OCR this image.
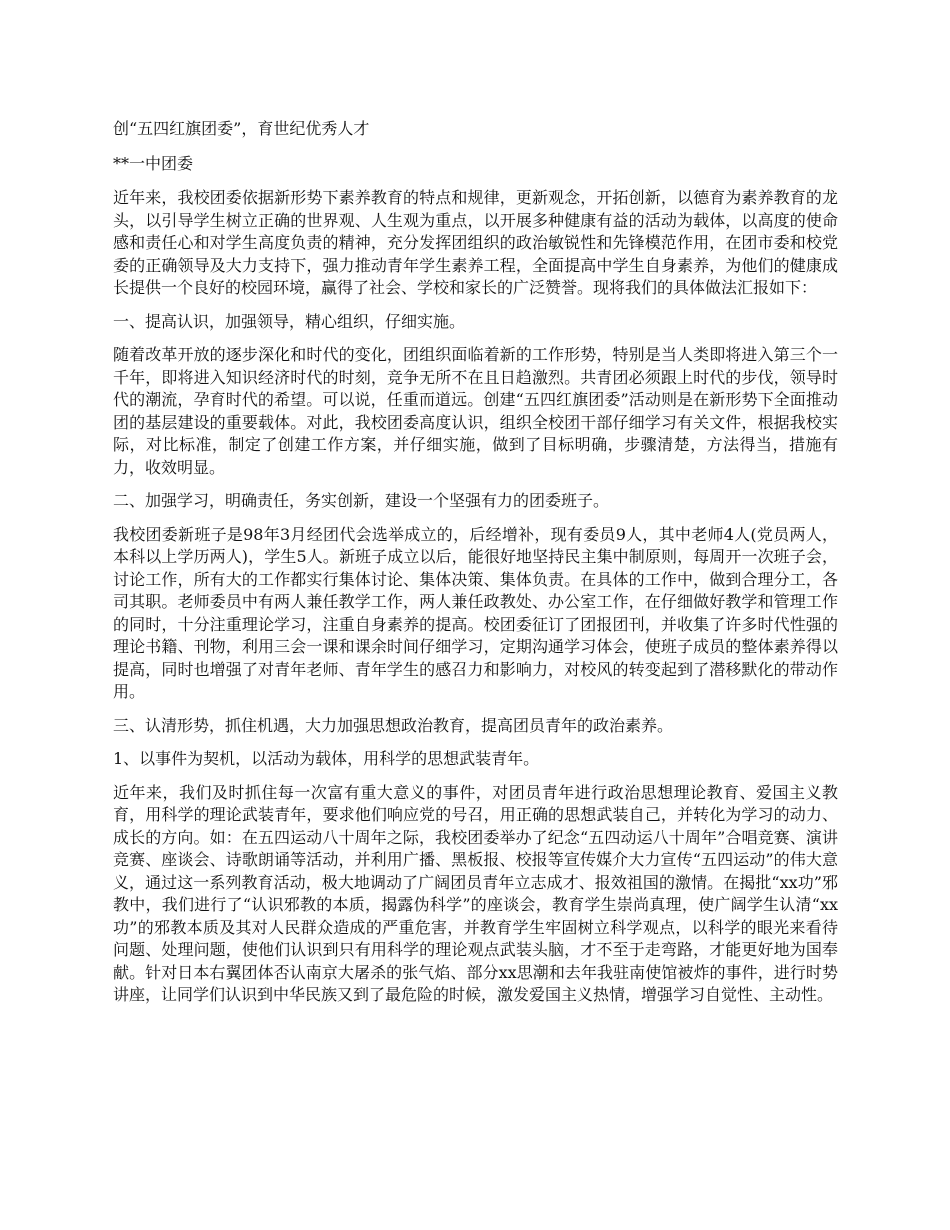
创“五四红旗团委”，育世纪优秀人才

**一中团委

近年来，我校团委依据新形势下素养教育的特点和规律，更新观念，开拓创新，以德育为素养教育的龙头，以引导学生树立正确的世界观、人生观为重点，以开展多种健康有益的活动为载体，以高度的使命感和责任心和对学生高度负责的精神，充分发挥团组织的政治敏锐性和先锋模范作用，在团市委和校党委的正确领导及大力支持下，强力推动青年学生素养工程，全面提高中学生自身素养，为他们的健康成长提供一个良好的校园环境，赢得了社会、学校和家长的广泛赞誉。现将我们的具体做法汇报如下：

一、提高认识，加强领导，精心组织，仔细实施。

随着改革开放的逐步深化和时代的变化，团组织面临着新的工作形势，特别是当人类即将进入第三个一千年，即将进入知识经济时代的时刻，竞争无所不在且日趋激烈。共青团必须跟上时代的步伐，领导时代的潮流，孕育时代的希望。可以说，任重而道远。创建“五四红旗团委”活动则是在新形势下全面推动团的基层建设的重要载体。对此，我校团委高度认识，组织全校团干部仔细学习有关文件，根据我校实际，对比标准，制定了创建工作方案，并仔细实施，做到了目标明确，步骤清楚，方法得当，措施有力，收效明显。

二、加强学习，明确责任，务实创新，建设一个坚强有力的团委班子。

我校团委新班子是98年3月经团代会选举成立的，后经增补，现有委员9人，其中老师4人(党员两人，本科以上学历两人)，学生5人。新班子成立以后，能很好地坚持民主集中制原则，每周开一次班子会，讨论工作，所有大的工作都实行集体讨论、集体决策、集体负责。在具体的工作中，做到合理分工，各司其职。老师委员中有两人兼任教学工作，两人兼任政教处、办公室工作，在仔细做好教学和管理工作的同时，十分注重理论学习，注重自身素养的提高。校团委征订了团报团刊，并收集了许多时代性强的理论书籍、刊物，利用三会一课和课余时间仔细学习，定期沟通学习体会，使班子成员的整体素养得以提高，同时也增强了对青年老师、青年学生的感召力和影响力，对校风的转变起到了潜移默化的带动作用。

三、认清形势，抓住机遇，大力加强思想政治教育，提高团员青年的政治素养。

1、以事件为契机，以活动为载体，用科学的思想武装青年。

近年来，我们及时抓住每一次富有重大意义的事件，对团员青年进行政治思想理论教育、爱国主义教育，用科学的理论武装青年，要求他们响应党的号召，用正确的思想武装自己，并转化为学习的动力、成长的方向。如：在五四运动八十周年之际，我校团委举办了纪念“五四动运八十周年”合唱竞赛、演讲竞赛、座谈会、诗歌朗诵等活动，并利用广播、黑板报、校报等宣传媒介大力宣传“五四运动”的伟大意义，通过这一系列教育活动，极大地调动了广阔团员青年立志成才、报效祖国的激情。在揭批“xx功”邪教中，我们进行了“认识邪教的本质，揭露伪科学”的座谈会，教育学生崇尚真理，使广阔学生认清“xx功”的邪教本质及其对人民群众造成的严重危害，并教育学生牢固树立科学观点，以科学的眼光来看待问题、处理问题，使他们认识到只有用科学的理论观点武装头脑，才不至于走弯路，才能更好地为国奉献。针对日本右翼团体否认南京大屠杀的张气焰、部分xx思潮和去年我驻南使馆被炸的事件，进行时势讲座，让同学们认识到中华民族又到了最危险的时候，激发爱国主义热情，增强学习自觉性、主动性。
